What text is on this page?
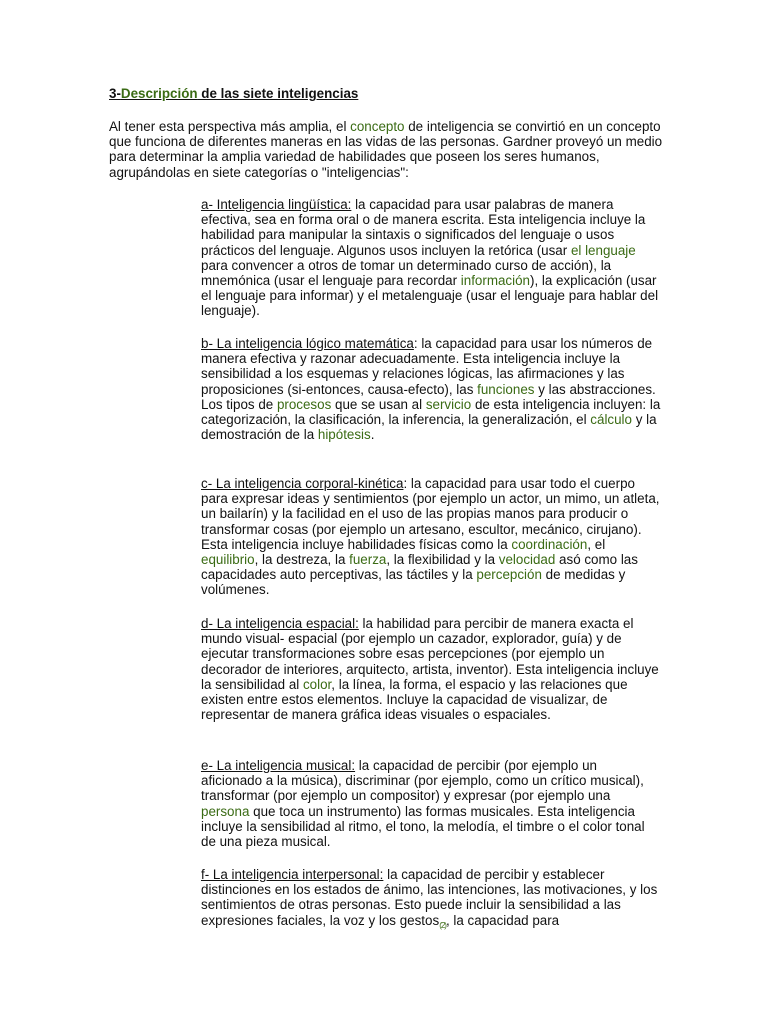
3-Descripción de las siete inteligencias
Al tener esta perspectiva más amplia, el concepto de inteligencia se convirtió en un concepto que funciona de diferentes maneras en las vidas de las personas. Gardner proveyó un medio para determinar la amplia variedad de habilidades que poseen los seres humanos, agrupándolas en siete categorías o "inteligencias":
a- Inteligencia lingüística: la capacidad para usar palabras de manera efectiva, sea en forma oral o de manera escrita. Esta inteligencia incluye la habilidad para manipular la sintaxis o significados del lenguaje o usos prácticos del lenguaje. Algunos usos incluyen la retórica (usar el lenguaje para convencer a otros de tomar un determinado curso de acción), la mnemónica (usar el lenguaje para recordar información), la explicación (usar el lenguaje para informar) y el metalenguaje (usar el lenguaje para hablar del lenguaje).
b- La inteligencia lógico matemática: la capacidad para usar los números de manera efectiva y razonar adecuadamente. Esta inteligencia incluye la sensibilidad a los esquemas y relaciones lógicas, las afirmaciones y las proposiciones (si-entonces, causa-efecto), las funciones y las abstracciones. Los tipos de procesos que se usan al servicio de esta inteligencia incluyen: la categorización, la clasificación, la inferencia, la generalización, el cálculo y la demostración de la hipótesis.
c- La inteligencia corporal-kinética: la capacidad para usar todo el cuerpo para expresar ideas y sentimientos (por ejemplo un actor, un mimo, un atleta, un bailarín) y la facilidad en el uso de las propias manos para producir o transformar cosas (por ejemplo un artesano, escultor, mecánico, cirujano). Esta inteligencia incluye habilidades físicas como la coordinación, el equilibrio, la destreza, la fuerza, la flexibilidad y la velocidad asó como las capacidades auto perceptivas, las táctiles y la percepción de medidas y volúmenes.
d- La inteligencia espacial: la habilidad para percibir de manera exacta el mundo visual- espacial (por ejemplo un cazador, explorador, guía) y de ejecutar transformaciones sobre esas percepciones (por ejemplo un decorador de interiores, arquitecto, artista, inventor). Esta inteligencia incluye la sensibilidad al color, la línea, la forma, el espacio y las relaciones que existen entre estos elementos. Incluye la capacidad de visualizar, de representar de manera gráfica ideas visuales o espaciales.
e- La inteligencia musical: la capacidad de percibir (por ejemplo un aficionado a la música), discriminar (por ejemplo, como un crítico musical), transformar (por ejemplo un compositor) y expresar (por ejemplo una persona que toca un instrumento) las formas musicales. Esta inteligencia incluye la sensibilidad al ritmo, el tono, la melodía, el timbre o el color tonal de una pieza musical.
f- La inteligencia interpersonal: la capacidad de percibir y establecer distinciones en los estados de ánimo, las intenciones, las motivaciones, y los sentimientos de otras personas. Esto puede incluir la sensibilidad a las expresiones faciales, la voz y los gestos$_{(2)}$, la capacidad para
